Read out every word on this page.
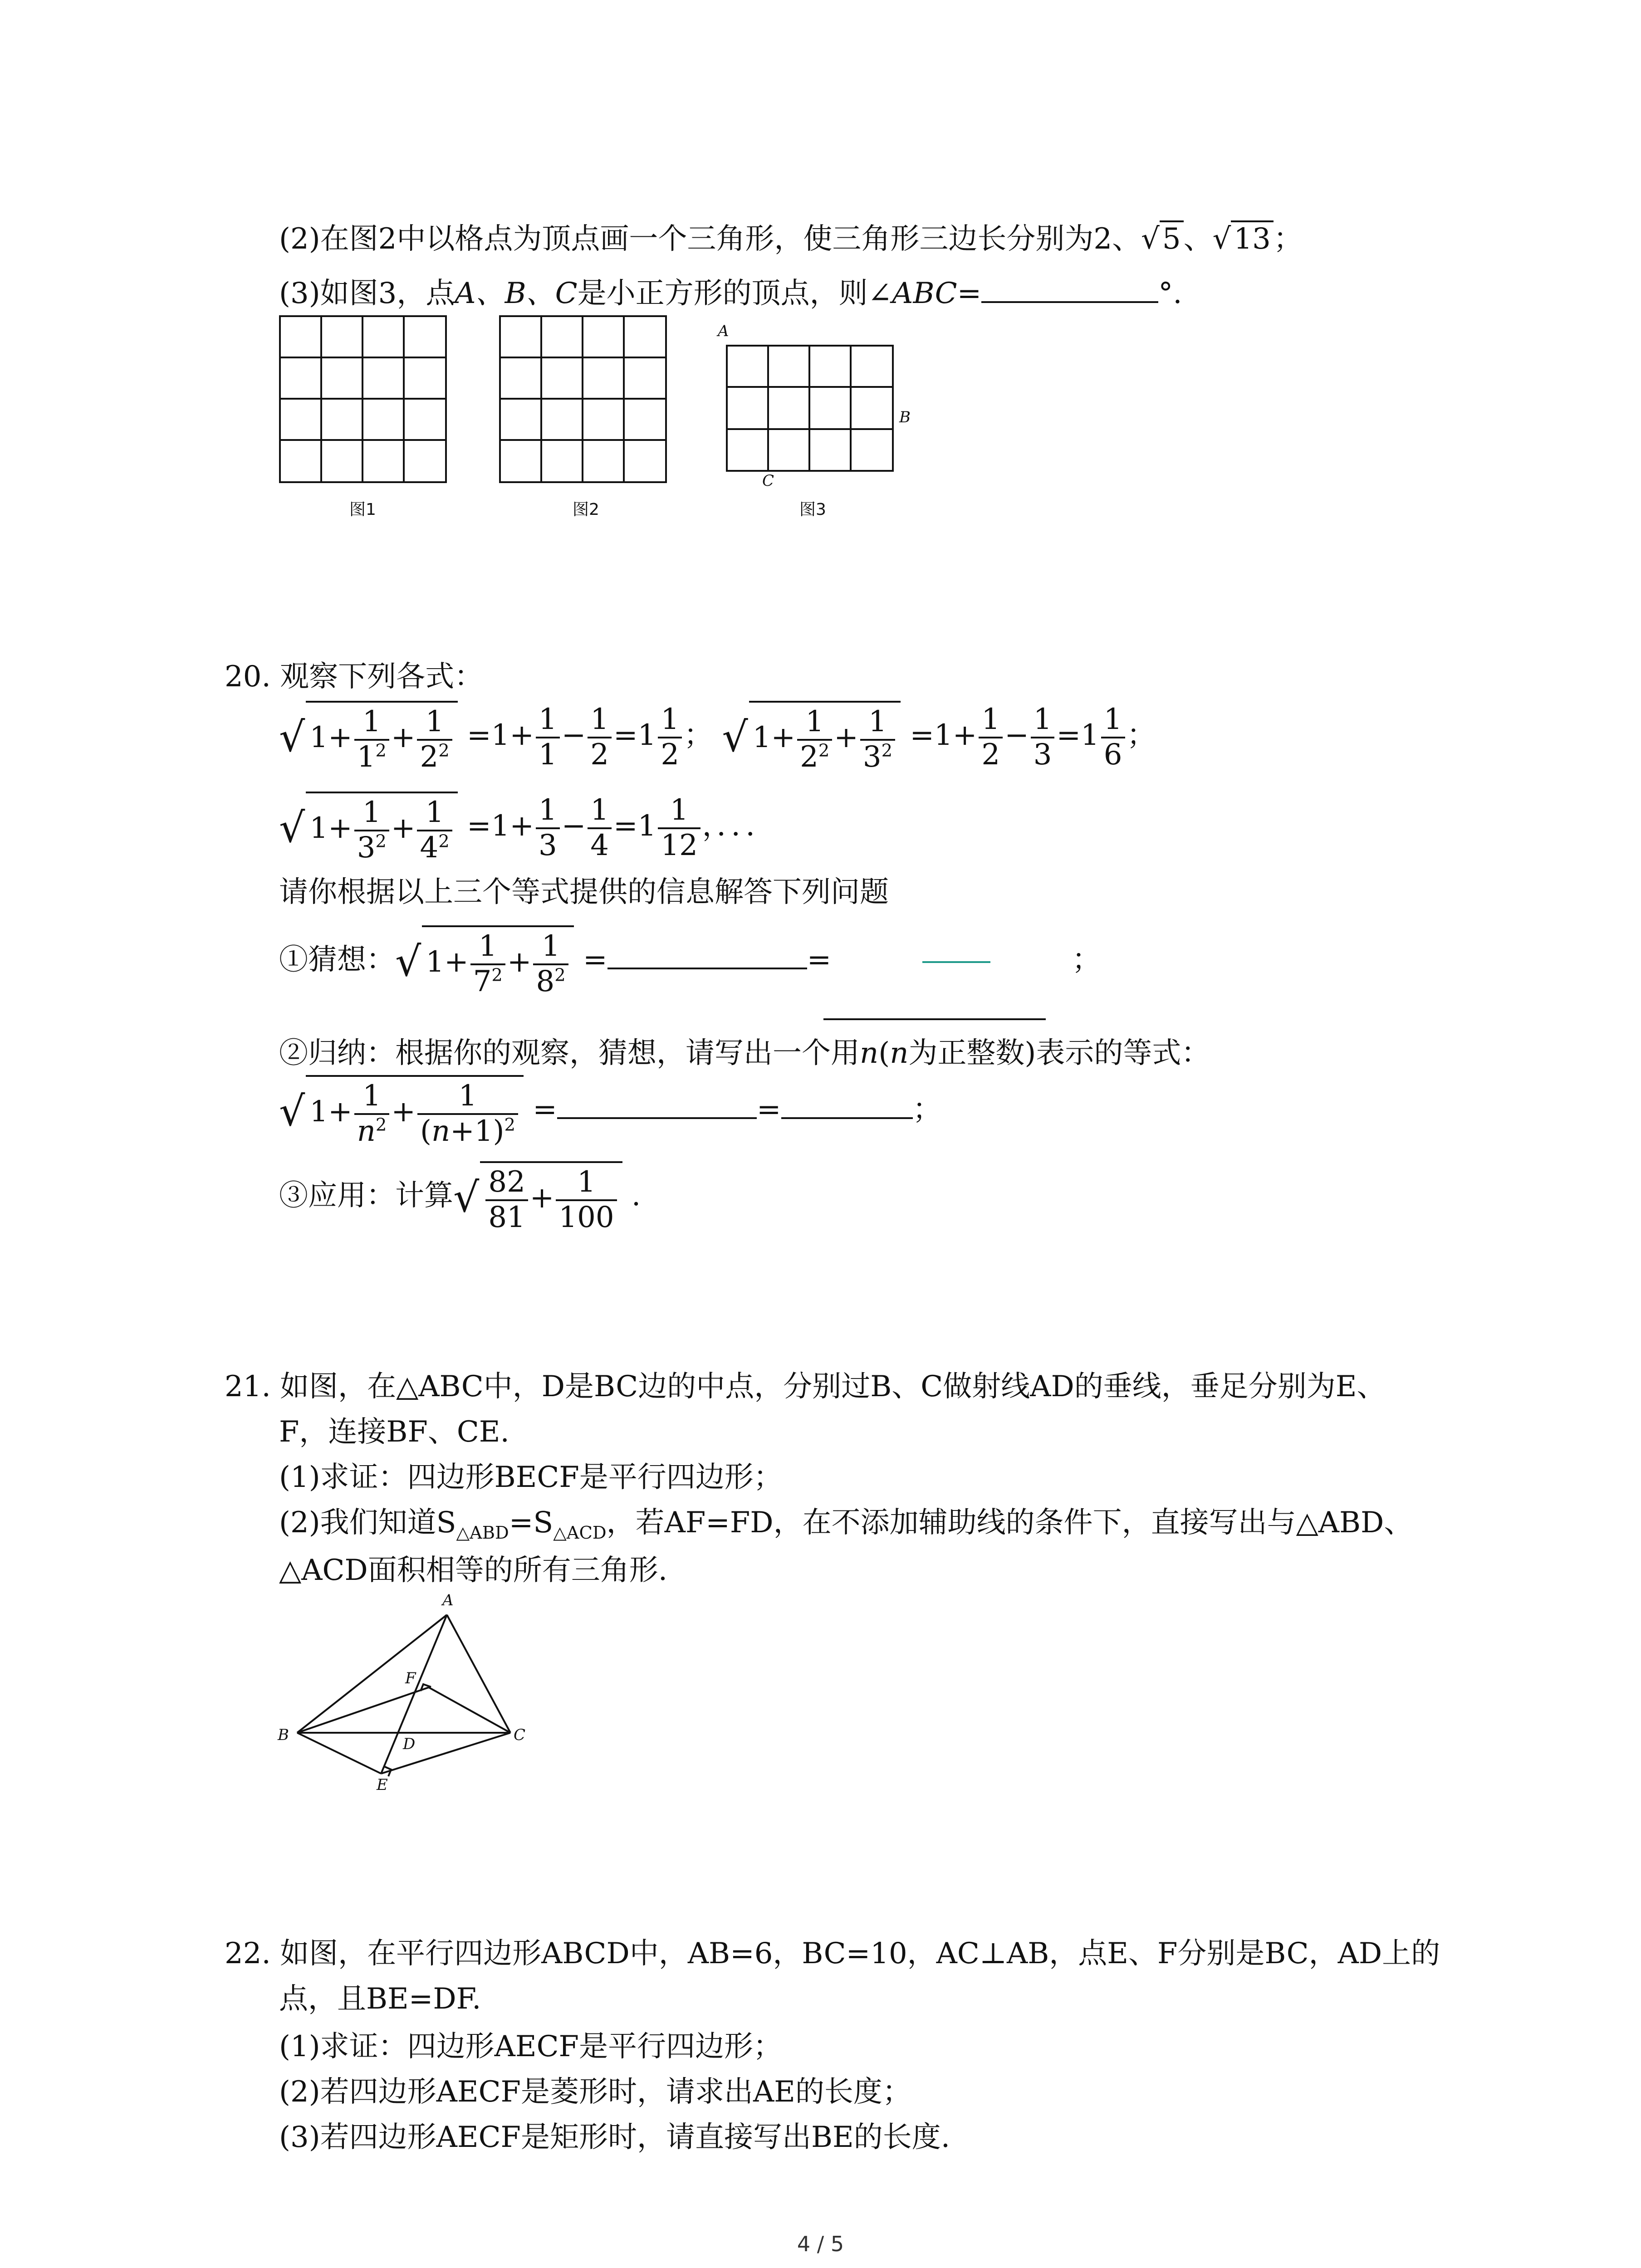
(2)在图2中以格点为顶点画一个三角形，使三角形三边长分别为2、√5、√13；
(3)如图3，点A、B、C是小正方形的顶点，则∠ABC=	°.
图1	图2
A
B
C
图3
20. 观察下列各式：
√ $1+ \frac{1}{1^2} + \frac{1}{2^2} =1+ \frac{1}{1} - \frac{1}{2} =1 \frac{1}{2}$ ； √ $1+ \frac{1}{2^2} + \frac{1}{3^2} =1+ \frac{1}{2} - \frac{1}{3} =1 \frac{1}{6}$ ；
√ $1+ \frac{1}{3^2} + \frac{1}{4^2} =1+ \frac{1}{3} - \frac{1}{4} =1 \frac{1}{12}$ ，．．．
请你根据以上三个等式提供的信息解答下列问题
①猜想：√ $1+ \frac{1}{7^2} + \frac{1}{8^2}$ =	=	；
②归纳：根据你的观察，猜想，请写出一个用n(n为正整数)表示的等式：
√ $1+ \frac{1}{n^2} + \frac{1}{(n+1)^2}$ =	=	；
③应用：计算√ $\frac{82}{81} + \frac{1}{100}$ .
21. 如图，在△ABC中，D是BC边的中点，分别过B、C做射线AD的垂线，垂足分别为E、
F，连接BF、CE.
(1)求证：四边形BECF是平行四边形；
(2)我们知道$S_{\triangle ABD}=S_{\triangle ACD}$，若AF=FD，在不添加辅助线的条件下，直接写出与△ABD、
△ACD面积相等的所有三角形.
A
B	C
D
E
F
22. 如图，在平行四边形ABCD中，AB=6，BC=10，AC⊥AB，点E、F分别是BC，AD上的
点，且BE=DF.
(1)求证：四边形AECF是平行四边形；
(2)若四边形AECF是菱形时，请求出AE的长度；
(3)若四边形AECF是矩形时，请直接写出BE的长度.
4 / 5
